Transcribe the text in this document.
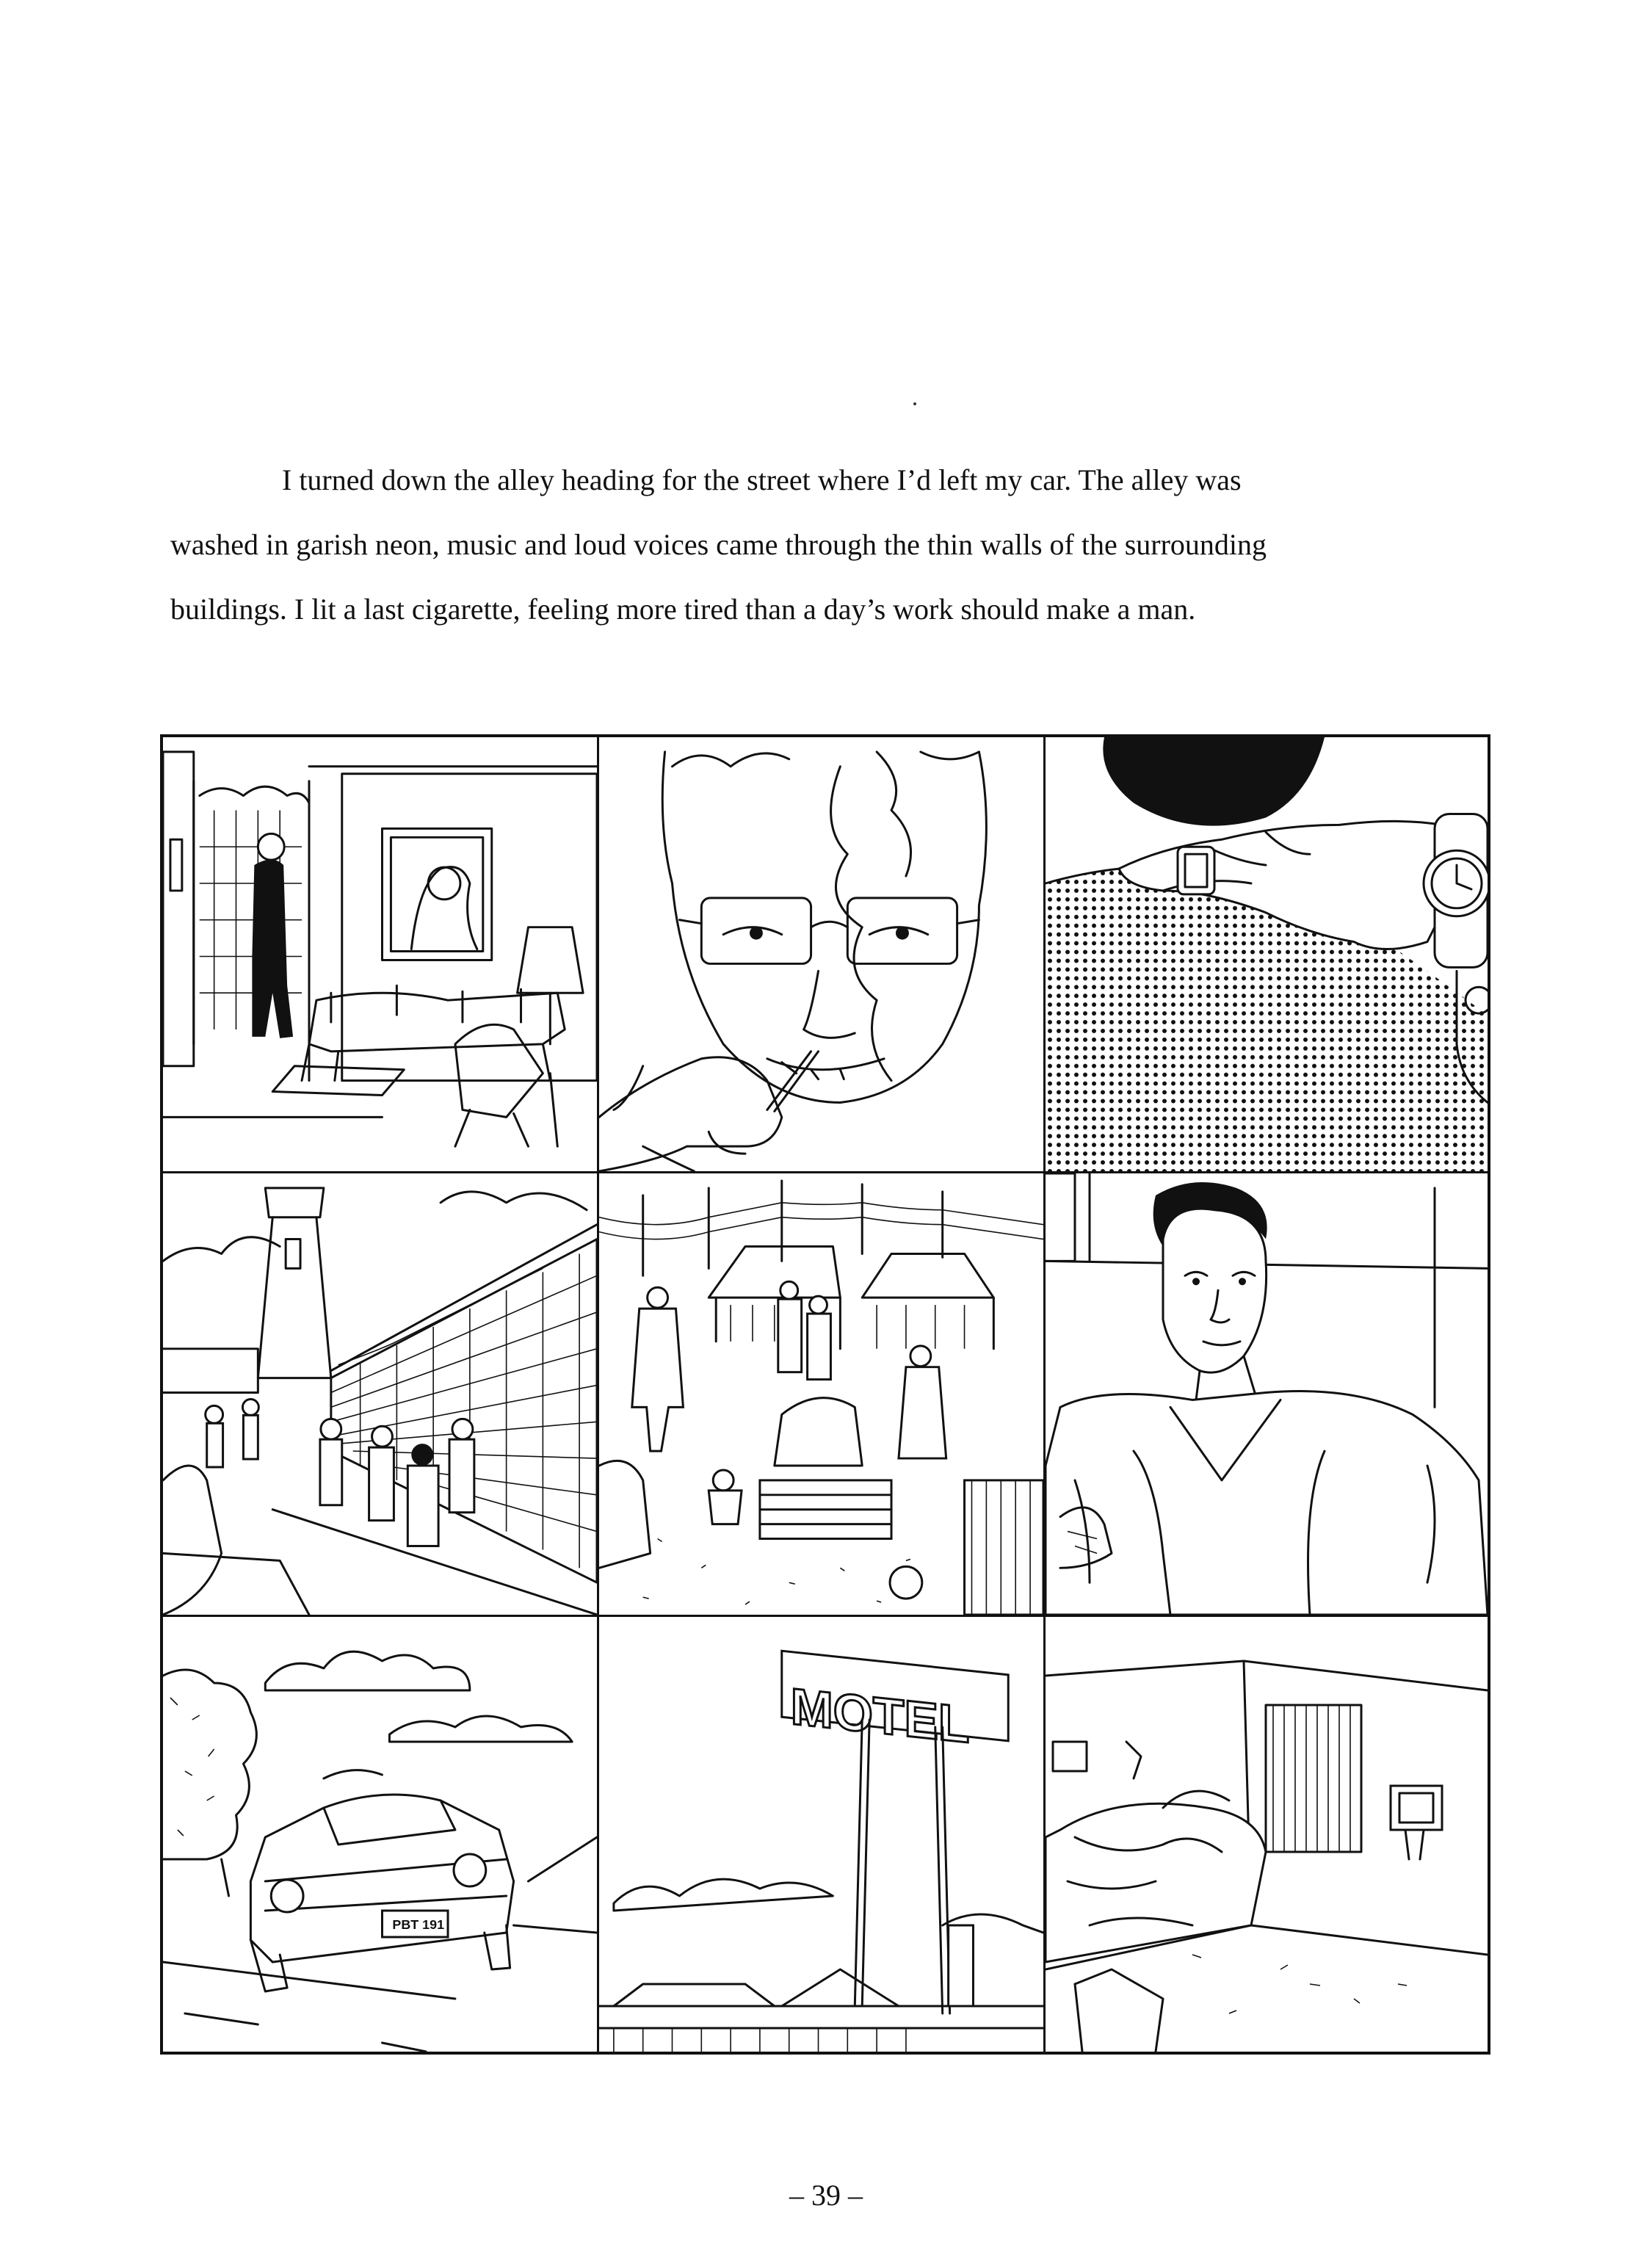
I turned down the alley heading for the street where I’d left my car. The alley was
washed in garish neon, music and loud voices came through the thin walls of the surrounding
buildings. I lit a last cigarette, feeling more tired than a day’s work should make a man.
PBT 191
MOTEL
– 39 –
